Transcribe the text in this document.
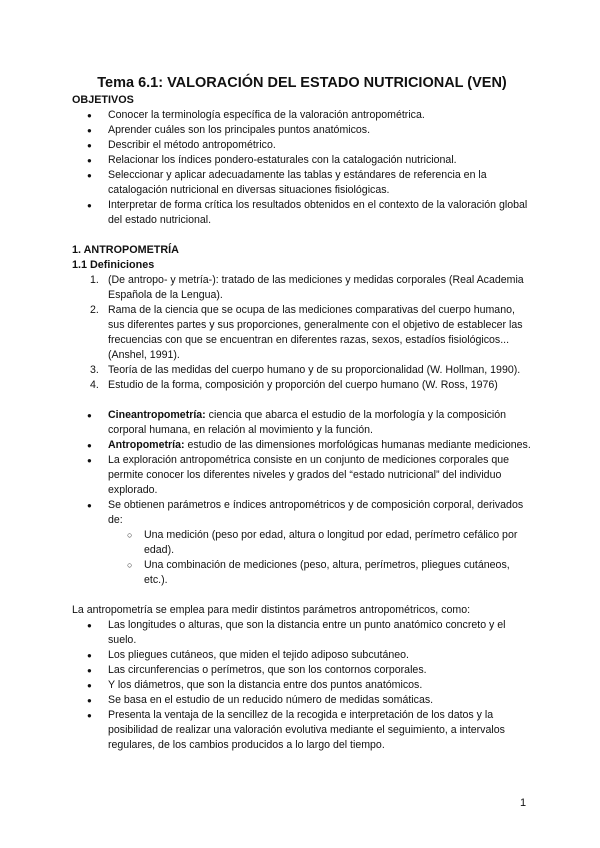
Tema 6.1: VALORACIÓN DEL ESTADO NUTRICIONAL (VEN)
OBJETIVOS
● Conocer la terminología específica de la valoración antropométrica.
● Aprender cuáles son los principales puntos anatómicos.
● Describir el método antropométrico.
● Relacionar los índices pondero-estaturales con la catalogación nutricional.
● Seleccionar y aplicar adecuadamente las tablas y estándares de referencia en la catalogación nutricional en diversas situaciones fisiológicas.
● Interpretar de forma crítica los resultados obtenidos en el contexto de la valoración global del estado nutricional.
1. ANTROPOMETRÍA
1.1 Definiciones
1. (De antropo- y metría-): tratado de las mediciones y medidas corporales (Real Academia Española de la Lengua).
2. Rama de la ciencia que se ocupa de las mediciones comparativas del cuerpo humano, sus diferentes partes y sus proporciones, generalmente con el objetivo de establecer las frecuencias con que se encuentran en diferentes razas, sexos, estadíos fisiológicos... (Anshel, 1991).
3. Teoría de las medidas del cuerpo humano y de su proporcionalidad (W. Hollman, 1990).
4. Estudio de la forma, composición y proporción del cuerpo humano (W. Ross, 1976)
● Cineantropometría: ciencia que abarca el estudio de la morfología y la composición corporal humana, en relación al movimiento y la función.
● Antropometría: estudio de las dimensiones morfológicas humanas mediante mediciones.
● La exploración antropométrica consiste en un conjunto de mediciones corporales que permite conocer los diferentes niveles y grados del “estado nutricional” del individuo explorado.
● Se obtienen parámetros e índices antropométricos y de composición corporal, derivados de:
○ Una medición (peso por edad, altura o longitud por edad, perímetro cefálico por edad).
○ Una combinación de mediciones (peso, altura, perímetros, pliegues cutáneos, etc.).

La antropometría se emplea para medir distintos parámetros antropométricos, como:

● Las longitudes o alturas, que son la distancia entre un punto anatómico concreto y el suelo.
● Los pliegues cutáneos, que miden el tejido adiposo subcutáneo.
● Las circunferencias o perímetros, que son los contornos corporales.
● Y los diámetros, que son la distancia entre dos puntos anatómicos.
● Se basa en el estudio de un reducido número de medidas somáticas.
● Presenta la ventaja de la sencillez de la recogida e interpretación de los datos y la posibilidad de realizar una valoración evolutiva mediante el seguimiento, a intervalos regulares, de los cambios producidos a lo largo del tiempo.
1
